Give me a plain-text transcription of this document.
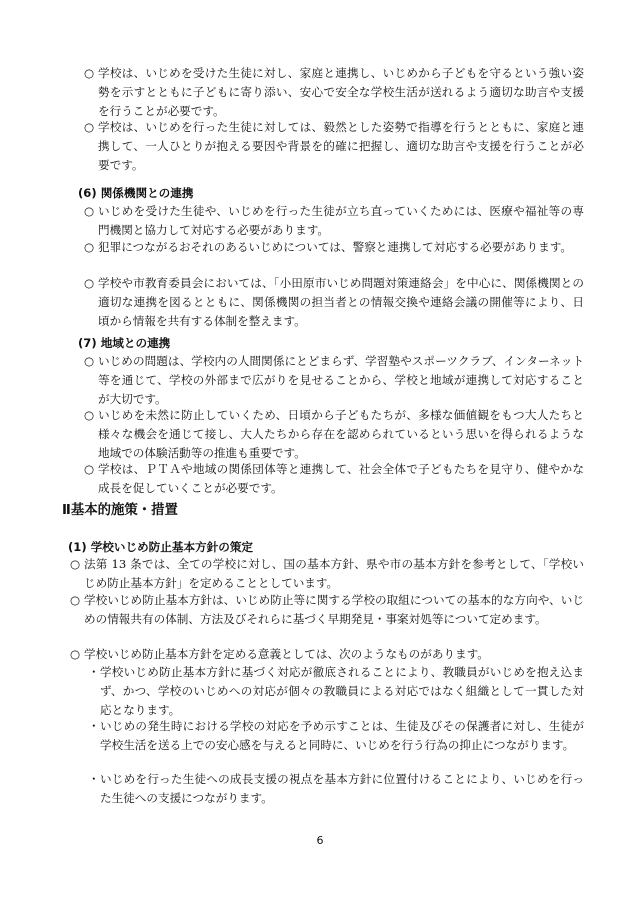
○ 学校は、いじめを受けた生徒に対し、家庭と連携し、いじめから子どもを守るという強い姿勢を示すとともに子どもに寄り添い、安心で安全な学校生活が送れるよう適切な助言や支援を行うことが必要です。
○ 学校は、いじめを行った生徒に対しては、毅然とした姿勢で指導を行うとともに、家庭と連携して、一人ひとりが抱える要因や背景を的確に把握し、適切な助言や支援を行うことが必要です。
(6) 関係機関との連携
○ いじめを受けた生徒や、いじめを行った生徒が立ち直っていくためには、医療や福祉等の専門機関と協力して対応する必要があります。
○ 犯罪につながるおそれのあるいじめについては、警察と連携して対応する必要があります。
○ 学校や市教育委員会においては、「小田原市いじめ問題対策連絡会」を中心に、関係機関との適切な連携を図るとともに、関係機関の担当者との情報交換や連絡会議の開催等により、日頃から情報を共有する体制を整えます。
(7) 地域との連携
○ いじめの問題は、学校内の人間関係にとどまらず、学習塾やスポーツクラブ、インターネット等を通じて、学校の外部まで広がりを見せることから、学校と地域が連携して対応することが大切です。
○ いじめを未然に防止していくため、日頃から子どもたちが、多様な価値観をもつ大人たちと様々な機会を通じて接し、大人たちから存在を認められているという思いを得られるような地域での体験活動等の推進も重要です。
○ 学校は、ＰＴＡや地域の関係団体等と連携して、社会全体で子どもたちを見守り、健やかな成長を促していくことが必要です。
Ⅱ基本的施策・措置
(1) 学校いじめ防止基本方針の策定
○ 法第 13 条では、全ての学校に対し、国の基本方針、県や市の基本方針を参考として、「学校いじめ防止基本方針」を定めることとしています。
○ 学校いじめ防止基本方針は、いじめ防止等に関する学校の取組についての基本的な方向や、いじめの情報共有の体制、方法及びそれらに基づく早期発見・事案対処等について定めます。
○ 学校いじめ防止基本方針を定める意義としては、次のようなものがあります。
・ 学校いじめ防止基本方針に基づく対応が徹底されることにより、教職員がいじめを抱え込まず、かつ、学校のいじめへの対応が個々の教職員による対応ではなく組織として一貫した対応となります。
・ いじめの発生時における学校の対応を予め示すことは、生徒及びその保護者に対し、生徒が学校生活を送る上での安心感を与えると同時に、いじめを行う行為の抑止につながります。
・ いじめを行った生徒への成長支援の視点を基本方針に位置付けることにより、いじめを行った生徒への支援につながります。
6
